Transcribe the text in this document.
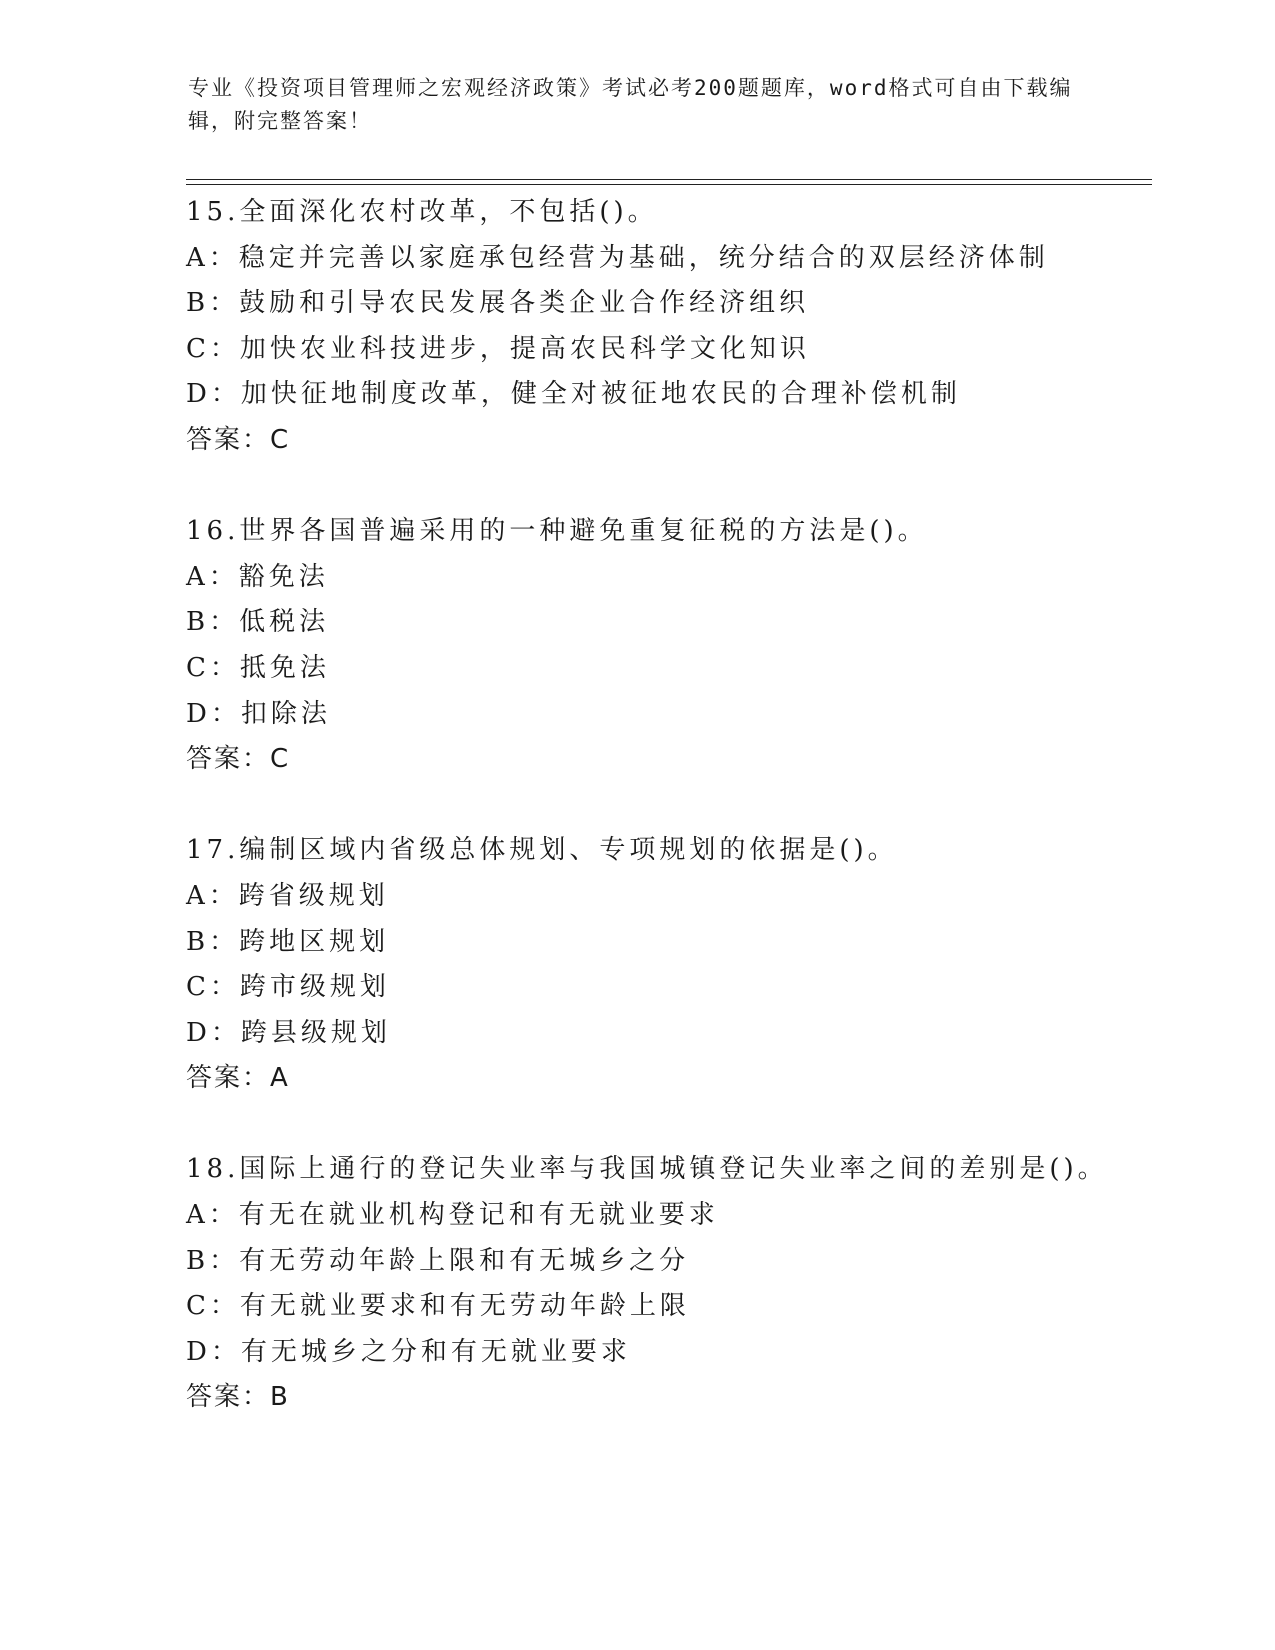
专业《投资项目管理师之宏观经济政策》考试必考200题题库，word格式可自由下载编辑，附完整答案！
15.全面深化农村改革，不包括()。
A：稳定并完善以家庭承包经营为基础，统分结合的双层经济体制
B：鼓励和引导农民发展各类企业合作经济组织
C：加快农业科技进步，提高农民科学文化知识
D：加快征地制度改革，健全对被征地农民的合理补偿机制
答案：C
16.世界各国普遍采用的一种避免重复征税的方法是()。
A：豁免法
B：低税法
C：抵免法
D：扣除法
答案：C
17.编制区域内省级总体规划、专项规划的依据是()。
A：跨省级规划
B：跨地区规划
C：跨市级规划
D：跨县级规划
答案：A
18.国际上通行的登记失业率与我国城镇登记失业率之间的差别是()。
A：有无在就业机构登记和有无就业要求
B：有无劳动年龄上限和有无城乡之分
C：有无就业要求和有无劳动年龄上限
D：有无城乡之分和有无就业要求
答案：B
